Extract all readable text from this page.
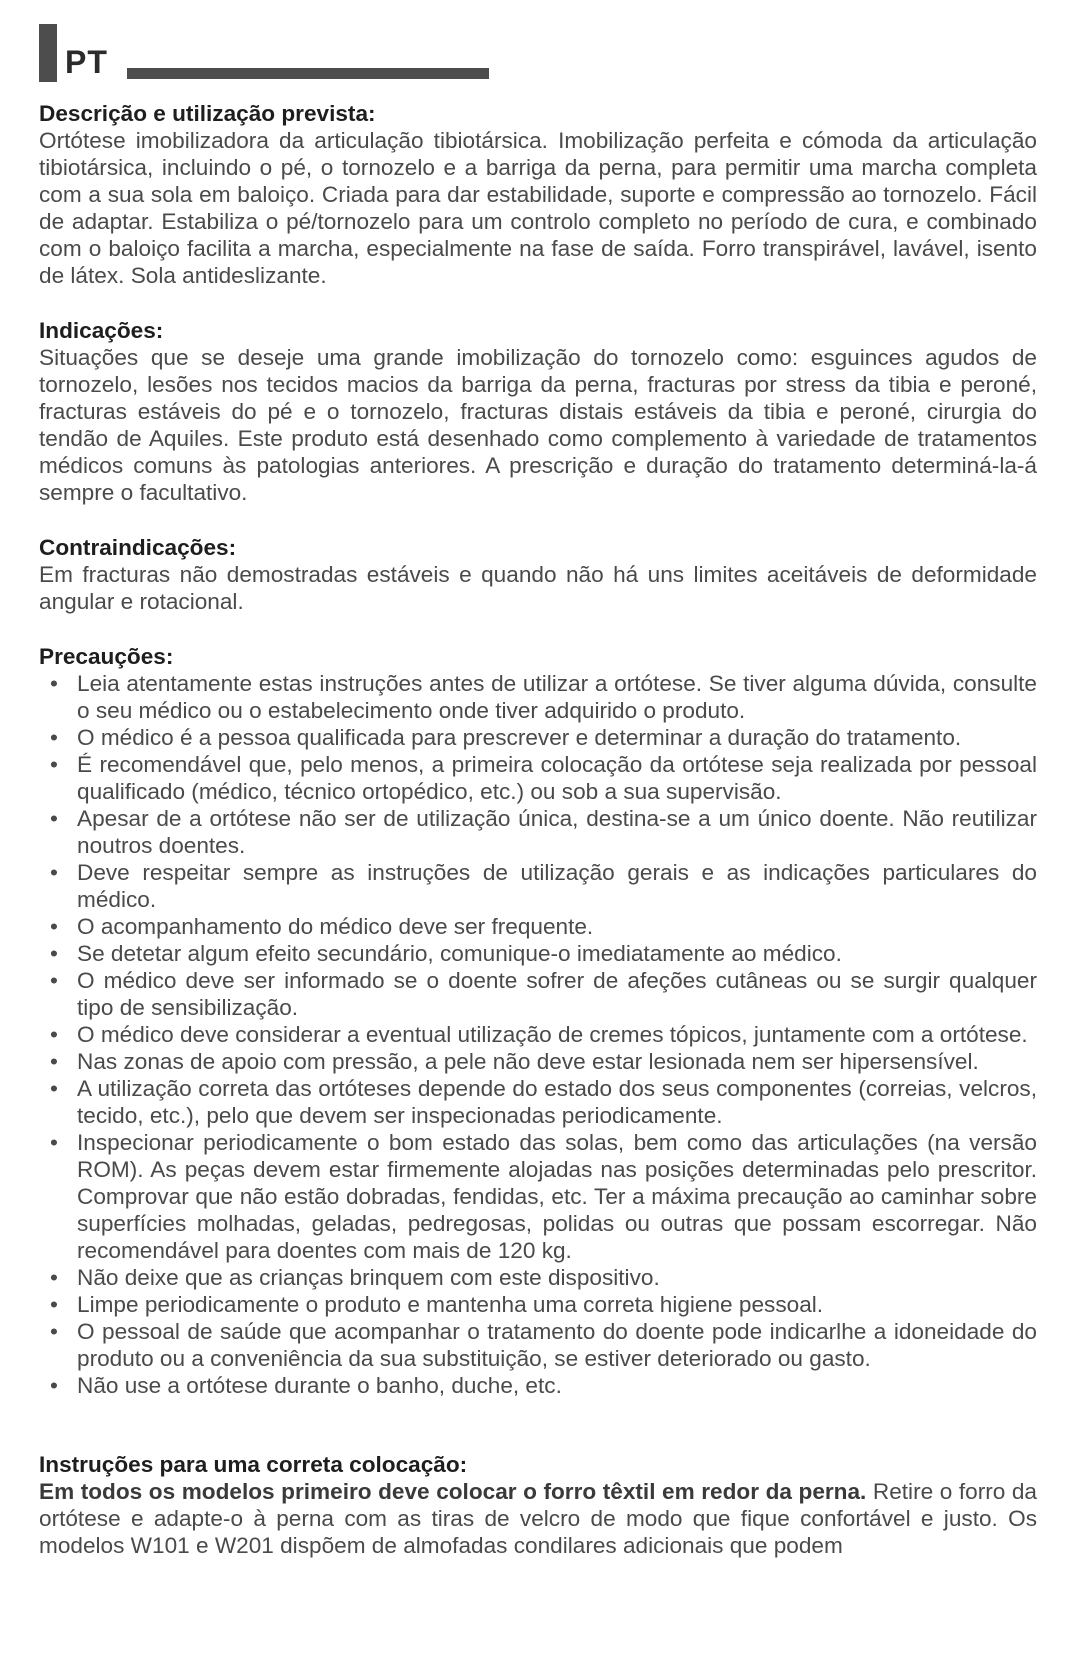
PT
Descrição e utilização prevista:

Ortótese imobilizadora da articulação tibiotársica. Imobilização perfeita e cómoda da articulação tibiotársica, incluindo o pé, o tornozelo e a barriga da perna, para permitir uma marcha completa com a sua sola em baloiço. Criada para dar estabilidade, suporte e compressão ao tornozelo. Fácil de adaptar. Estabiliza o pé/tornozelo para um controlo completo no período de cura, e combinado com o baloiço facilita a marcha, especialmente na fase de saída. Forro transpirável, lavável, isento de látex. Sola antideslizante.

Indicações:

Situações que se deseje uma grande imobilização do tornozelo como: esguinces agudos de tornozelo, lesões nos tecidos macios da barriga da perna, fracturas por stress da tibia e peroné, fracturas estáveis do pé e o tornozelo, fracturas distais estáveis da tibia e peroné, cirurgia do tendão de Aquiles. Este produto está desenhado como complemento à variedade de tratamentos médicos comuns às patologias anteriores. A prescrição e duração do tratamento determiná-la-á sempre o facultativo.

Contraindicações:

Em fracturas não demostradas estáveis e quando não há uns limites aceitáveis de deformidade angular e rotacional.

Precauções:
• Leia atentamente estas instruções antes de utilizar a ortótese. Se tiver alguma dúvida, consulte o seu médico ou o estabelecimento onde tiver adquirido o produto.
• O médico é a pessoa qualificada para prescrever e determinar a duração do tratamento.
• É recomendável que, pelo menos, a primeira colocação da ortótese seja realizada por pessoal qualificado (médico, técnico ortopédico, etc.) ou sob a sua supervisão.
• Apesar de a ortótese não ser de utilização única, destina-se a um único doente. Não reutilizar noutros doentes.
• Deve respeitar sempre as instruções de utilização gerais e as indicações particulares do médico.
• O acompanhamento do médico deve ser frequente.
• Se detetar algum efeito secundário, comunique-o imediatamente ao médico.
• O médico deve ser informado se o doente sofrer de afeções cutâneas ou se surgir qualquer tipo de sensibilização.
• O médico deve considerar a eventual utilização de cremes tópicos, juntamente com a ortótese.
• Nas zonas de apoio com pressão, a pele não deve estar lesionada nem ser hipersensível.
• A utilização correta das ortóteses depende do estado dos seus componentes (correias, velcros, tecido, etc.), pelo que devem ser inspecionadas periodicamente.
• Inspecionar periodicamente o bom estado das solas, bem como das articulações (na versão ROM). As peças devem estar firmemente alojadas nas posições determinadas pelo prescritor. Comprovar que não estão dobradas, fendidas, etc. Ter a máxima precaução ao caminhar sobre superfícies molhadas, geladas, pedregosas, polidas ou outras que possam escorregar. Não recomendável para doentes com mais de 120 kg.
• Não deixe que as crianças brinquem com este dispositivo.
• Limpe periodicamente o produto e mantenha uma correta higiene pessoal.
• O pessoal de saúde que acompanhar o tratamento do doente pode indicarlhe a idoneidade do produto ou a conveniência da sua substituição, se estiver deteriorado ou gasto.
• Não use a ortótese durante o banho, duche, etc.
Instruções para uma correta colocação:

Em todos os modelos primeiro deve colocar o forro têxtil em redor da perna. Retire o forro da ortótese e adapte-o à perna com as tiras de velcro de modo que fique confortável e justo. Os modelos W101 e W201 dispõem de almofadas condilares adicionais que podem
